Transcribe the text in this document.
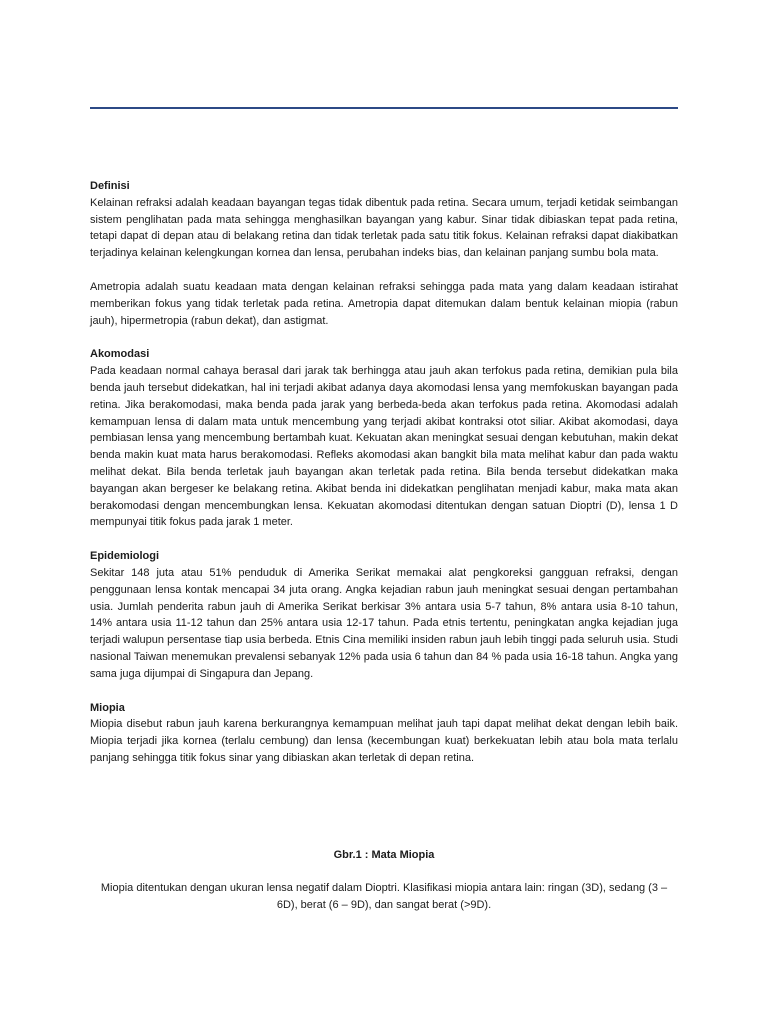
Definisi

Kelainan refraksi adalah keadaan bayangan tegas tidak dibentuk pada retina. Secara umum, terjadi ketidak seimbangan sistem penglihatan pada mata sehingga menghasilkan bayangan yang kabur. Sinar tidak dibiaskan tepat pada retina, tetapi dapat di depan atau di belakang retina dan tidak terletak pada satu titik fokus. Kelainan refraksi dapat diakibatkan terjadinya kelainan kelengkungan kornea dan lensa, perubahan indeks bias, dan kelainan panjang sumbu bola mata.

Ametropia adalah suatu keadaan mata dengan kelainan refraksi sehingga pada mata yang dalam keadaan istirahat memberikan fokus yang tidak terletak pada retina. Ametropia dapat ditemukan dalam bentuk kelainan miopia (rabun jauh), hipermetropia (rabun dekat), dan astigmat.

Akomodasi

Pada keadaan normal cahaya berasal dari jarak tak berhingga atau jauh akan terfokus pada retina, demikian pula bila benda jauh tersebut didekatkan, hal ini terjadi akibat adanya daya akomodasi lensa yang memfokuskan bayangan pada retina. Jika berakomodasi, maka benda pada jarak yang berbeda-beda akan terfokus pada retina. Akomodasi adalah kemampuan lensa di dalam mata untuk mencembung yang terjadi akibat kontraksi otot siliar. Akibat akomodasi, daya pembiasan lensa yang mencembung bertambah kuat. Kekuatan akan meningkat sesuai dengan kebutuhan, makin dekat benda makin kuat mata harus berakomodasi. Refleks akomodasi akan bangkit bila mata melihat kabur dan pada waktu melihat dekat. Bila benda terletak jauh bayangan akan terletak pada retina. Bila benda tersebut didekatkan maka bayangan akan bergeser ke belakang retina. Akibat benda ini didekatkan penglihatan menjadi kabur, maka mata akan berakomodasi dengan mencembungkan lensa. Kekuatan akomodasi ditentukan dengan satuan Dioptri (D), lensa 1 D mempunyai titik fokus pada jarak 1 meter.

Epidemiologi

Sekitar 148 juta atau 51% penduduk di Amerika Serikat memakai alat pengkoreksi gangguan refraksi, dengan penggunaan lensa kontak mencapai 34 juta orang. Angka kejadian rabun jauh meningkat sesuai dengan pertambahan usia. Jumlah penderita rabun jauh di Amerika Serikat berkisar 3% antara usia 5-7 tahun, 8% antara usia 8-10 tahun, 14% antara usia 11-12 tahun dan 25% antara usia 12-17 tahun. Pada etnis tertentu, peningkatan angka kejadian juga terjadi walupun persentase tiap usia berbeda. Etnis Cina memiliki insiden rabun jauh lebih tinggi pada seluruh usia. Studi nasional Taiwan menemukan prevalensi sebanyak 12% pada usia 6 tahun dan 84 % pada usia 16-18 tahun. Angka yang sama juga dijumpai di Singapura dan Jepang.

Miopia

Miopia disebut rabun jauh karena berkurangnya kemampuan melihat jauh tapi dapat melihat dekat dengan lebih baik. Miopia terjadi jika kornea (terlalu cembung) dan lensa (kecembungan kuat) berkekuatan lebih atau bola mata terlalu panjang sehingga titik fokus sinar yang dibiaskan akan terletak di depan retina.

Gbr.1 : Mata Miopia
Miopia ditentukan dengan ukuran lensa negatif dalam Dioptri. Klasifikasi miopia antara lain: ringan (3D), sedang (3 – 6D), berat (6 – 9D), dan sangat berat (>9D).
